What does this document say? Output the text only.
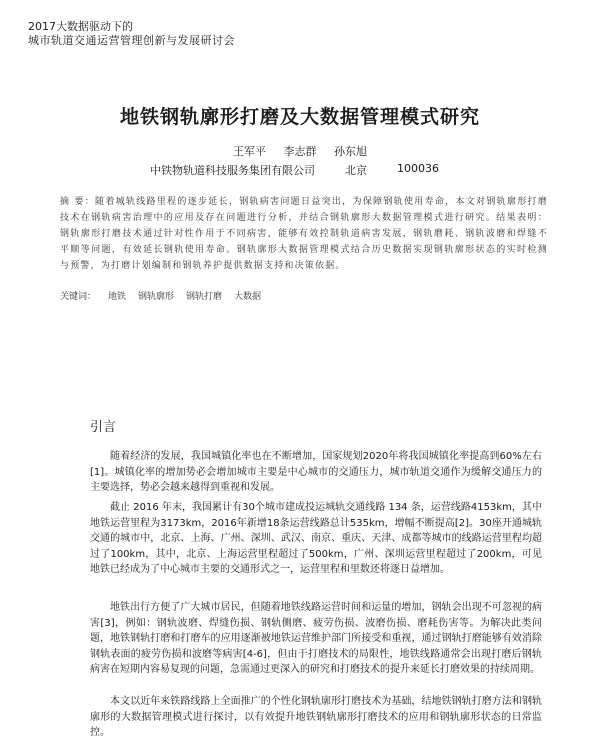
2017大数据驱动下的
城市轨道交通运营管理创新与发展研讨会
地铁钢轨廓形打磨及大数据管理模式研究
王军平 李志群 孙东旭
中铁物轨道科技服务集团有限公司	北京	100036
摘 要：随着城轨线路里程的逐步延长，钢轨病害问题日益突出，为保障钢轨使用寿命，本文对钢轨廓形打磨技术在钢轨病害治理中的应用及存在问题进行分析，并结合钢轨廓形大数据管理模式进行研究。结果表明：钢轨廓形打磨技术通过针对性作用于不同病害，能够有效控制轨道病害发展，钢轨磨耗、钢轨波磨和焊缝不平顺等问题，有效延长钢轨使用寿命。钢轨廓形大数据管理模式结合历史数据实现钢轨廓形状态的实时检测与预警，为打磨计划编制和钢轨养护提供数据支持和决策依据。
关键词： 地铁 钢轨廓形 钢轨打磨 大数据
引言
随着经济的发展，我国城镇化率也在不断增加，国家规划2020年将我国城镇化率提高到60%左右[1]。城镇化率的增加势必会增加城市主要是中心城市的交通压力，城市轨道交通作为缓解交通压力的主要选择，势必会越来越得到重视和发展。
截止 2016 年末，我国累计有30个城市建成投运城轨交通线路 134 条，运营线路4153km，其中地铁运营里程为3173km，2016年新增18条运营线路总计535km，增幅不断提高[2]。30座开通城轨交通的城市中，北京、上海、广州、深圳、武汉、南京、重庆、天津、成都等城市的线路运营里程均超过了100km，其中，北京、上海运营里程超过了500km，广州、深圳运营里程超过了200km，可见地铁已经成为了中心城市主要的交通形式之一，运营里程和里数还将逐日益增加。
地铁出行方便了广大城市居民，但随着地铁线路运营时间和运量的增加，钢轨会出现不可忽视的病害[3]，例如：钢轨波磨、焊缝伤损、钢轨侧磨、疲劳伤损、波磨伤损、磨耗伤害等。为解决此类问题，地铁钢轨打磨和打磨车的应用逐渐被地铁运营维护部门所接受和重视，通过钢轨打磨能够有效消除钢轨表面的疲劳伤损和波磨等病害[4-6]，但由于打磨技术的局限性，地铁线路通常会出现打磨后钢轨病害在短期内容易复现的问题，急需通过更深入的研究和打磨技术的提升来延长打磨效果的持续周期。
本文以近年来铁路线路上全面推广的个性化钢轨廓形打磨技术为基础，结地铁钢轨打磨方法和钢轨廓形的大数据管理模式进行探讨，以有效提升地铁钢轨廓形打磨技术的应用和钢轨廓形状态的日常监控。
